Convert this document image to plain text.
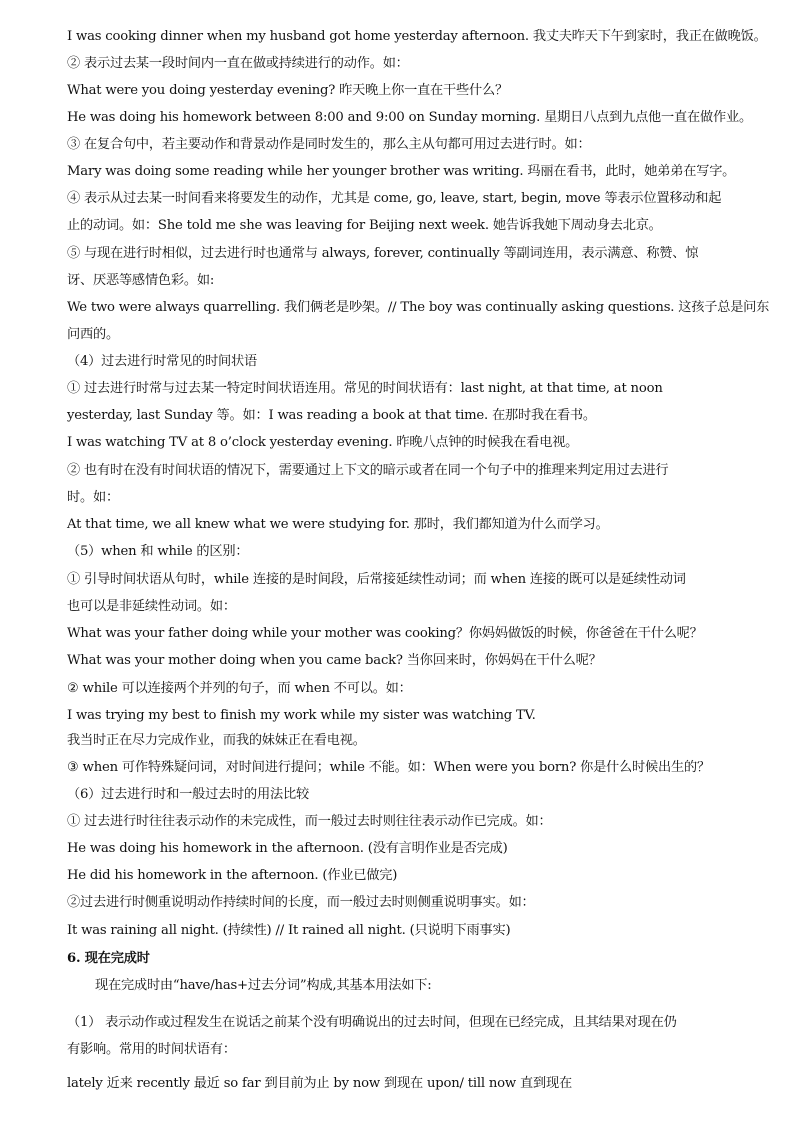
I was cooking dinner when my husband got home yesterday afternoon. 我丈夫昨天下午到家时，我正在做晚饭。
② 表示过去某一段时间内一直在做或持续进行的动作。如：
What were you doing yesterday evening? 昨天晚上你一直在干些什么？
He was doing his homework between 8:00 and 9:00 on Sunday morning. 星期日八点到九点他一直在做作业。
③ 在复合句中，若主要动作和背景动作是同时发生的，那么主从句都可用过去进行时。如：
Mary was doing some reading while her younger brother was writing. 玛丽在看书，此时，她弟弟在写字。
④ 表示从过去某一时间看来将要发生的动作，尤其是 come, go, leave, start, begin, move 等表示位置移动和起
止的动词。如：She told me she was leaving for Beijing next week. 她告诉我她下周动身去北京。
⑤ 与现在进行时相似，过去进行时也通常与 always, forever, continually 等副词连用，表示满意、称赞、惊
讶、厌恶等感情色彩。如:
We two were always quarrelling. 我们俩老是吵架。// The boy was continually asking questions. 这孩子总是问东
问西的。
（4）过去进行时常见的时间状语
① 过去进行时常与过去某一特定时间状语连用。常见的时间状语有：last night, at that time, at noon
yesterday, last Sunday 等。如：I was reading a book at that time. 在那时我在看书。
I was watching TV at 8 o’clock yesterday evening. 昨晚八点钟的时候我在看电视。
② 也有时在没有时间状语的情况下，需要通过上下文的暗示或者在同一个句子中的推理来判定用过去进行
时。如：
At that time, we all knew what we were studying for. 那时，我们都知道为什么而学习。
（5）when 和 while 的区别：
① 引导时间状语从句时，while 连接的是时间段，后常接延续性动词；而 when 连接的既可以是延续性动词
也可以是非延续性动词。如：
What was your father doing while your mother was cooking？你妈妈做饭的时候，你爸爸在干什么呢？
What was your mother doing when you came back? 当你回来时，你妈妈在干什么呢？
② while 可以连接两个并列的句子，而 when 不可以。如：
I was trying my best to finish my work while my sister was watching TV.
我当时正在尽力完成作业，而我的妹妹正在看电视。
③ when 可作特殊疑问词，对时间进行提问；while 不能。如：When were you born? 你是什么时候出生的？
（6）过去进行时和一般过去时的用法比较
① 过去进行时往往表示动作的未完成性，而一般过去时则往往表示动作已完成。如：
He was doing his homework in the afternoon. (没有言明作业是否完成)
He did his homework in the afternoon. (作业已做完)
②过去进行时侧重说明动作持续时间的长度，而一般过去时则侧重说明事实。如：
It was raining all night. (持续性) // It rained all night. (只说明下雨事实)
6. 现在完成时
现在完成时由“have/has+过去分词”构成,其基本用法如下:
（1） 表示动作或过程发生在说话之前某个没有明确说出的过去时间，但现在已经完成，且其结果对现在仍
有影响。常用的时间状语有：
lately 近来 recently 最近 so far 到目前为止 by now 到现在 upon/ till now 直到现在
